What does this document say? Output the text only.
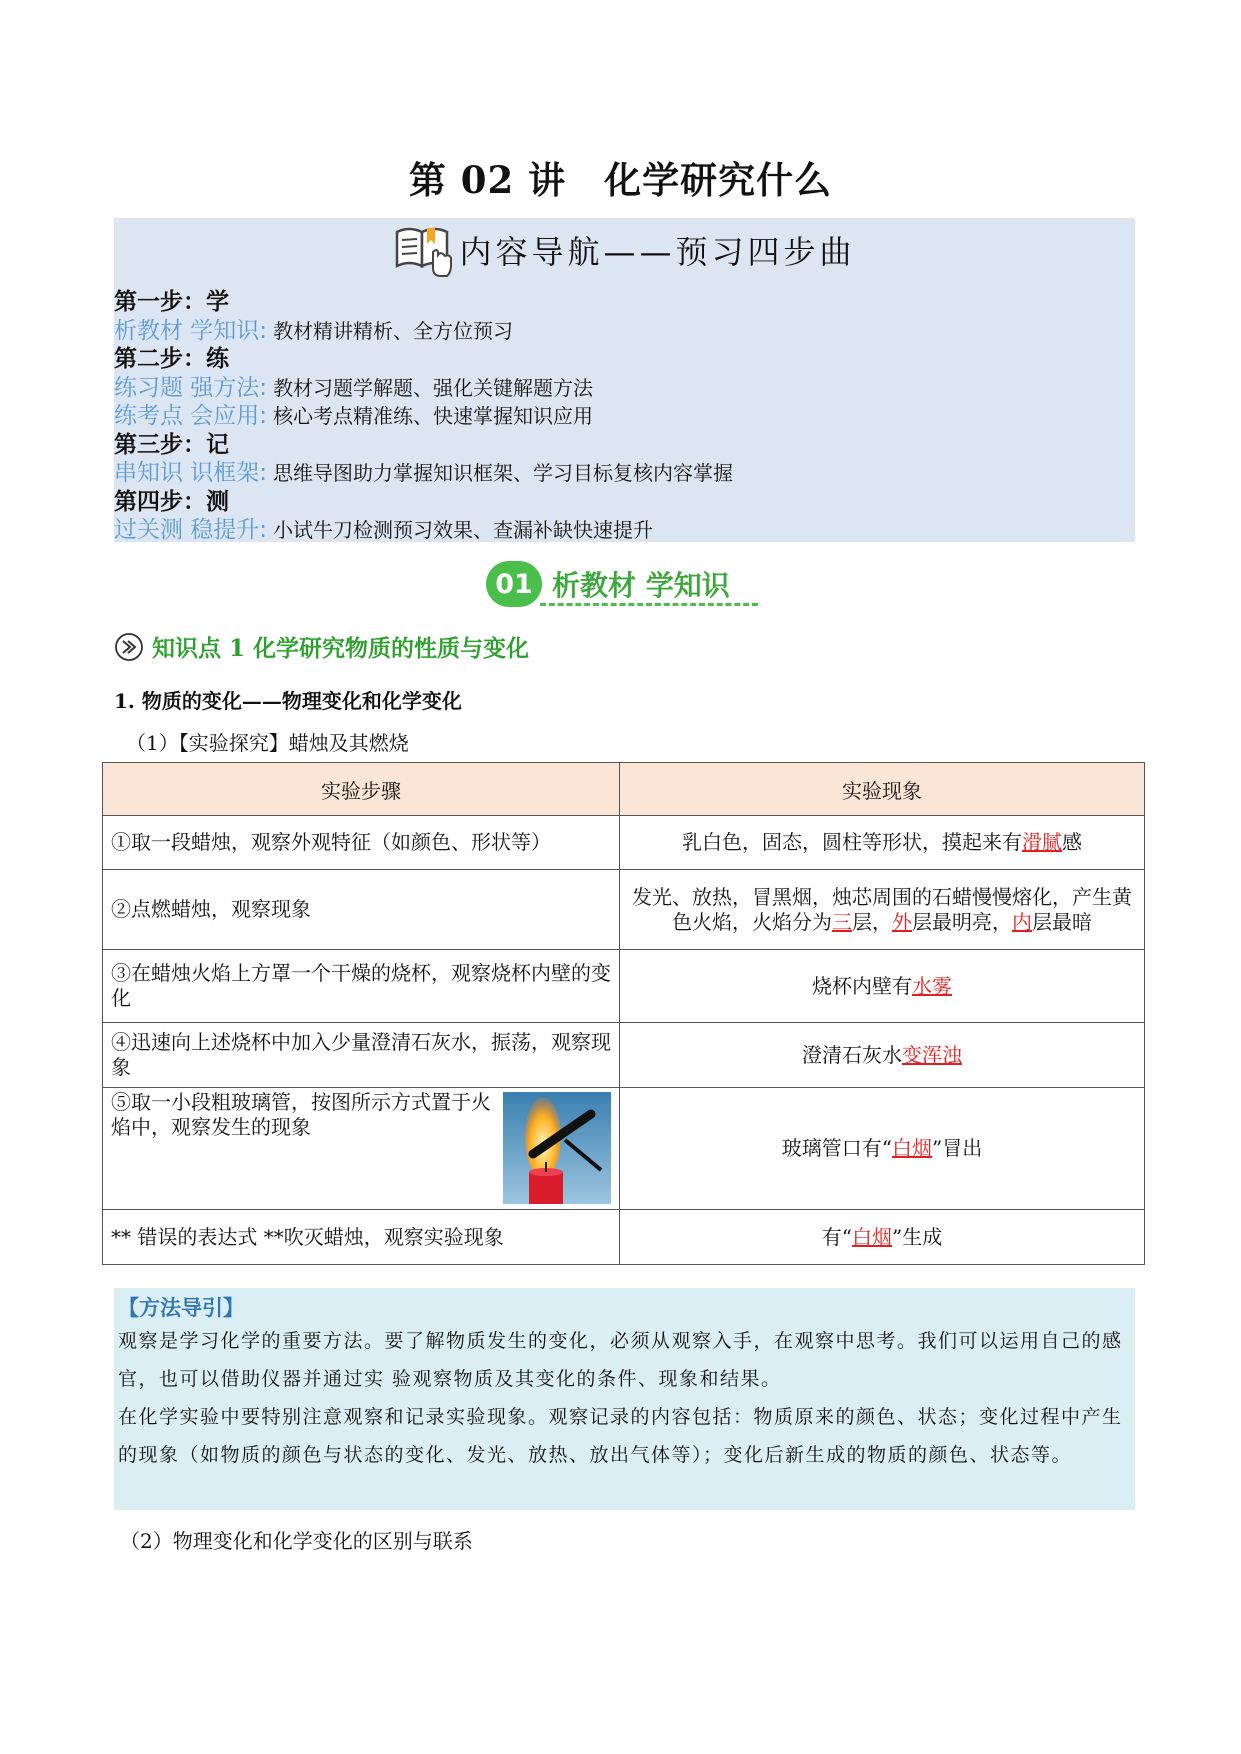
第 02 讲　化学研究什么
内容导航——预习四步曲
第一步：学
析教材 学知识: 教材精讲精析、全方位预习
第二步：练
练习题 强方法: 教材习题学解题、强化关键解题方法
练考点 会应用: 核心考点精准练、快速掌握知识应用
第三步：记
串知识 识框架: 思维导图助力掌握知识框架、学习目标复核内容掌握
第四步：测
过关测 稳提升: 小试牛刀检测预习效果、查漏补缺快速提升
01 析教材 学知识
知识点 1 化学研究物质的性质与变化
1. 物质的变化——物理变化和化学变化
（1）【实验探究】蜡烛及其燃烧
实验步骤	实验现象
①取一段蜡烛，观察外观特征（如颜色、形状等）	乳白色，固态，圆柱等形状，摸起来有滑腻感
②点燃蜡烛，观察现象	发光、放热，冒黑烟，烛芯周围的石蜡慢慢熔化，产生黄色火焰，火焰分为三层，外层最明亮，内层最暗
③在蜡烛火焰上方罩一个干燥的烧杯，观察烧杯内壁的变化	烧杯内壁有水雾
④迅速向上述烧杯中加入少量澄清石灰水，振荡，观察现象	澄清石灰水变浑浊

⑤取一小段粗玻璃管，按图所示方式置于火焰中，观察发生的现象	玻璃管口有“白烟”冒出
** 错误的表达式 **吹灭蜡烛，观察实验现象	有“白烟”生成
【方法导引】

观察是学习化学的重要方法。要了解物质发生的变化，必须从观察入手，在观察中思考。我们可以运用自己的感官，也可以借助仪器并通过实 验观察物质及其变化的条件、现象和结果。

在化学实验中要特别注意观察和记录实验现象。观察记录的内容包括：物质原来的颜色、状态；变化过程中产生的现象（如物质的颜色与状态的变化、发光、放热、放出气体等）；变化后新生成的物质的颜色、状态等。

（2）物理变化和化学变化的区别与联系
